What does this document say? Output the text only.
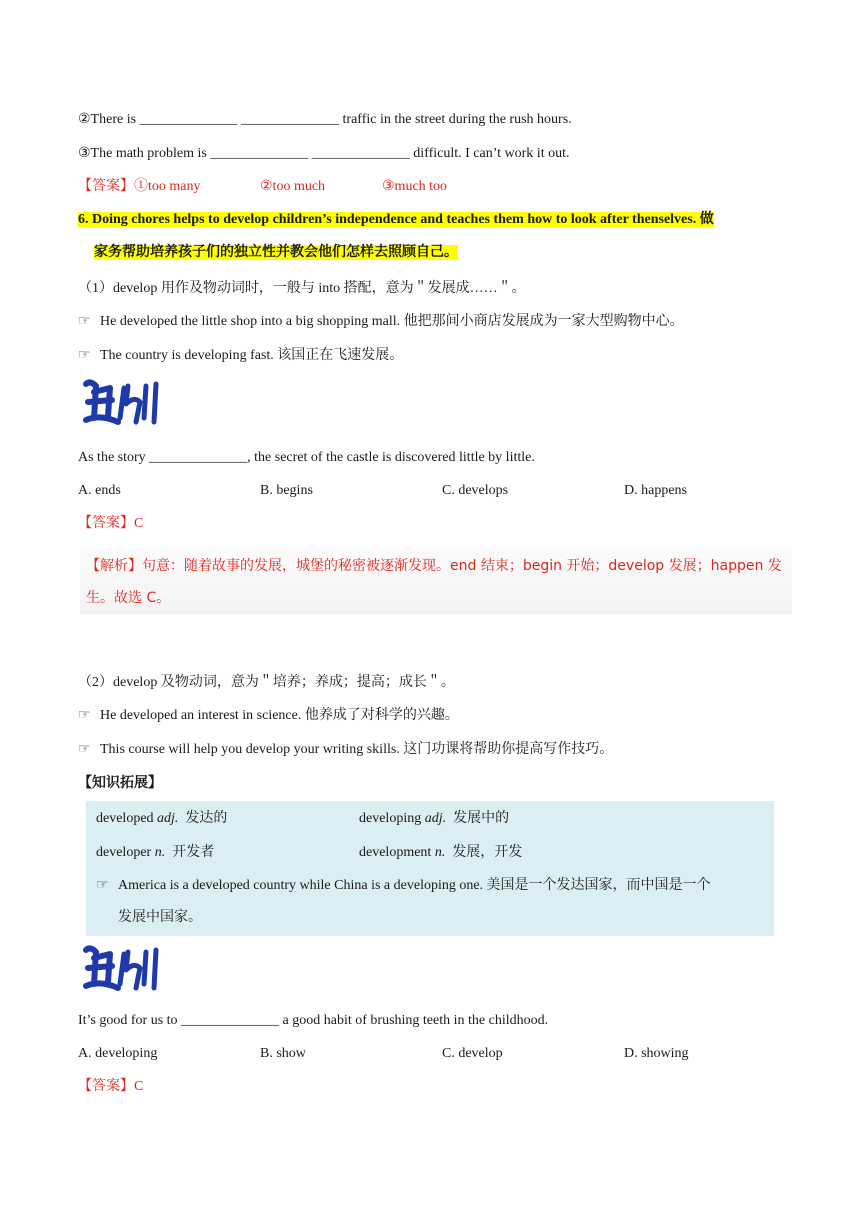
②There is ______________ ______________ traffic in the street during the rush hours.
③The math problem is ______________ ______________ difficult. I can’t work it out.
【答案】①too many	②too much	③much too
6. Doing chores helps to develop children’s independence and teaches them how to look after thenselves. 做
家务帮助培养孩子们的独立性并教会他们怎样去照顾自己。
（1）develop 用作及物动词时，一般与 into 搭配，意为＂发展成……＂。
☞ He developed the little shop into a big shopping mall. 他把那间小商店发展成为一家大型购物中心。
☞ The country is developing fast. 该国正在飞速发展。
As the story ______________, the secret of the castle is discovered little by little.
A. ends	B. begins	C. develops	D. happens
【答案】C
【解析】句意：随着故事的发展，城堡的秘密被逐渐发现。end 结束；begin 开始；develop 发展；happen 发
生。故选 C。
（2）develop 及物动词，意为＂培养；养成；提高；成长＂。
☞ He developed an interest in science. 他养成了对科学的兴趣。
☞ This course will help you develop your writing skills. 这门功课将帮助你提高写作技巧。
【知识拓展】
developed adj. 发达的	developing adj. 发展中的
developer n. 开发者	development n. 发展，开发
☞ America is a developed country while China is a developing one. 美国是一个发达国家，而中国是一个
发展中国家。
It’s good for us to ______________ a good habit of brushing teeth in the childhood.
A. developing	B. show	C. develop	D. showing
【答案】C
